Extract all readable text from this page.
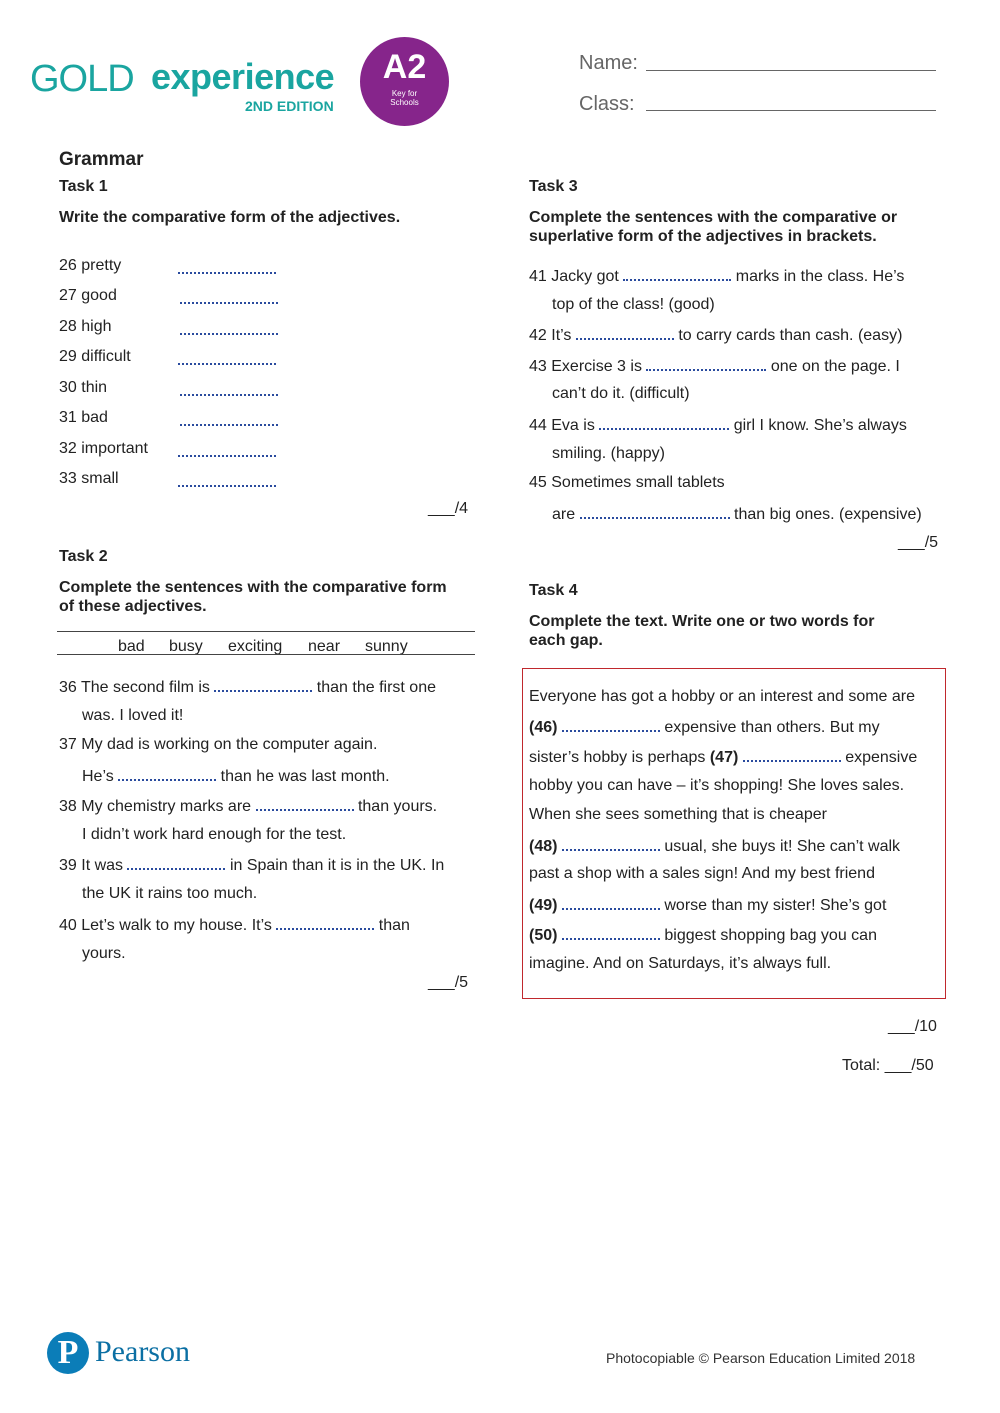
GOLD experience
2ND EDITION
A2
Key for
Schools
Name:
Class:
Grammar
Task 1
Write the comparative form of the adjectives.
26 pretty
27 good
28 high
29 difficult
30 thin
31 bad
32 important
33 small
___/4
Task 2
Complete the sentences with the comparative form
of these adjectives.
bad busy exciting near sunny
36 The second film is	than the first one
was. I loved it!
37 My dad is working on the computer again.
He’s	than he was last month.
38 My chemistry marks are	than yours.
I didn’t work hard enough for the test.
39 It was	in Spain than it is in the UK. In
the UK it rains too much.
40 Let’s walk to my house. It’s	than
yours.
___/5
Task 3
Complete the sentences with the comparative or
superlative form of the adjectives in brackets.
41 Jacky got	marks in the class. He’s
top of the class! (good)
42 It’s	to carry cards than cash. (easy)
43 Exercise 3 is	one on the page. I
can’t do it. (difficult)
44 Eva is	girl I know. She’s always
smiling. (happy)
45 Sometimes small tablets
are	than big ones. (expensive)
___/5
Task 4
Complete the text. Write one or two words for
each gap.
Everyone has got a hobby or an interest and some are
(46)	expensive than others. But my
sister’s hobby is perhaps (47)	expensive
hobby you can have – it’s shopping! She loves sales.
When she sees something that is cheaper
(48)	usual, she buys it! She can’t walk
past a shop with a sales sign! And my best friend
(49)	worse than my sister! She’s got
(50)	biggest shopping bag you can
imagine. And on Saturdays, it’s always full.
___/10
Total: ___/50
P Pearson	Photocopiable © Pearson Education Limited 2018
